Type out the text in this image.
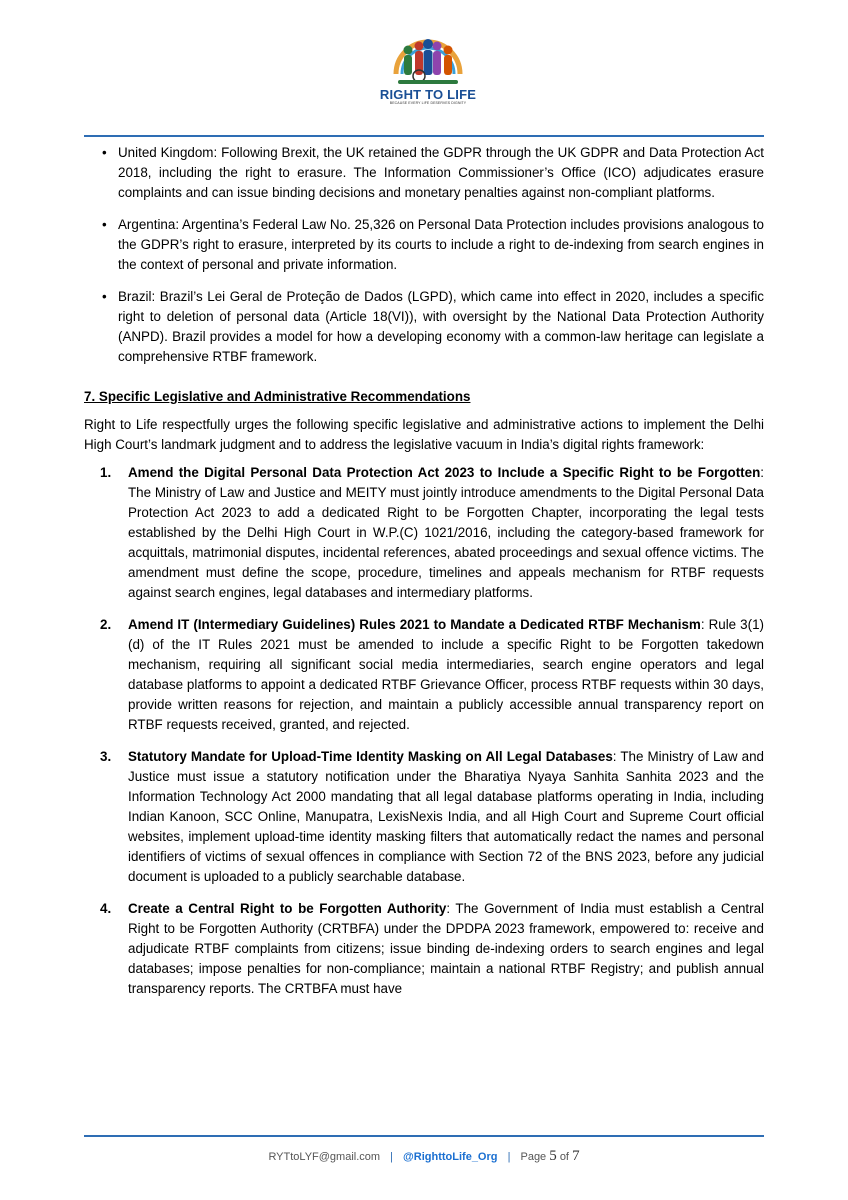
RIGHT TO LIFE
BECAUSE EVERY LIFE DESERVES DIGNITY
• United Kingdom: Following Brexit, the UK retained the GDPR through the UK GDPR and Data Protection Act 2018, including the right to erasure. The Information Commissioner’s Office (ICO) adjudicates erasure complaints and can issue binding decisions and monetary penalties against non-compliant platforms.
• Argentina: Argentina’s Federal Law No. 25,326 on Personal Data Protection includes provisions analogous to the GDPR’s right to erasure, interpreted by its courts to include a right to de-indexing from search engines in the context of personal and private information.
• Brazil: Brazil’s Lei Geral de Proteção de Dados (LGPD), which came into effect in 2020, includes a specific right to deletion of personal data (Article 18(VI)), with oversight by the National Data Protection Authority (ANPD). Brazil provides a model for how a developing economy with a common-law heritage can legislate a comprehensive RTBF framework.
7. Specific Legislative and Administrative Recommendations

Right to Life respectfully urges the following specific legislative and administrative actions to implement the Delhi High Court’s landmark judgment and to address the legislative vacuum in India’s digital rights framework:

1. Amend the Digital Personal Data Protection Act 2023 to Include a Specific Right to be Forgotten: The Ministry of Law and Justice and MEITY must jointly introduce amendments to the Digital Personal Data Protection Act 2023 to add a dedicated Right to be Forgotten Chapter, incorporating the legal tests established by the Delhi High Court in W.P.(C) 1021/2016, including the category-based framework for acquittals, matrimonial disputes, incidental references, abated proceedings and sexual offence victims. The amendment must define the scope, procedure, timelines and appeals mechanism for RTBF requests against search engines, legal databases and intermediary platforms.
2. Amend IT (Intermediary Guidelines) Rules 2021 to Mandate a Dedicated RTBF Mechanism: Rule 3(1)(d) of the IT Rules 2021 must be amended to include a specific Right to be Forgotten takedown mechanism, requiring all significant social media intermediaries, search engine operators and legal database platforms to appoint a dedicated RTBF Grievance Officer, process RTBF requests within 30 days, provide written reasons for rejection, and maintain a publicly accessible annual transparency report on RTBF requests received, granted, and rejected.
3. Statutory Mandate for Upload-Time Identity Masking on All Legal Databases: The Ministry of Law and Justice must issue a statutory notification under the Bharatiya Nyaya Sanhita Sanhita 2023 and the Information Technology Act 2000 mandating that all legal database platforms operating in India, including Indian Kanoon, SCC Online, Manupatra, LexisNexis India, and all High Court and Supreme Court official websites, implement upload-time identity masking filters that automatically redact the names and personal identifiers of victims of sexual offences in compliance with Section 72 of the BNS 2023, before any judicial document is uploaded to a publicly searchable database.
4. Create a Central Right to be Forgotten Authority: The Government of India must establish a Central Right to be Forgotten Authority (CRTBFA) under the DPDPA 2023 framework, empowered to: receive and adjudicate RTBF complaints from citizens; issue binding de-indexing orders to search engines and legal databases; impose penalties for non-compliance; maintain a national RTBF Registry; and publish annual transparency reports. The CRTBFA must have
RYTtoLYF@gmail.com | @RighttoLife_Org | Page 5 of 7
